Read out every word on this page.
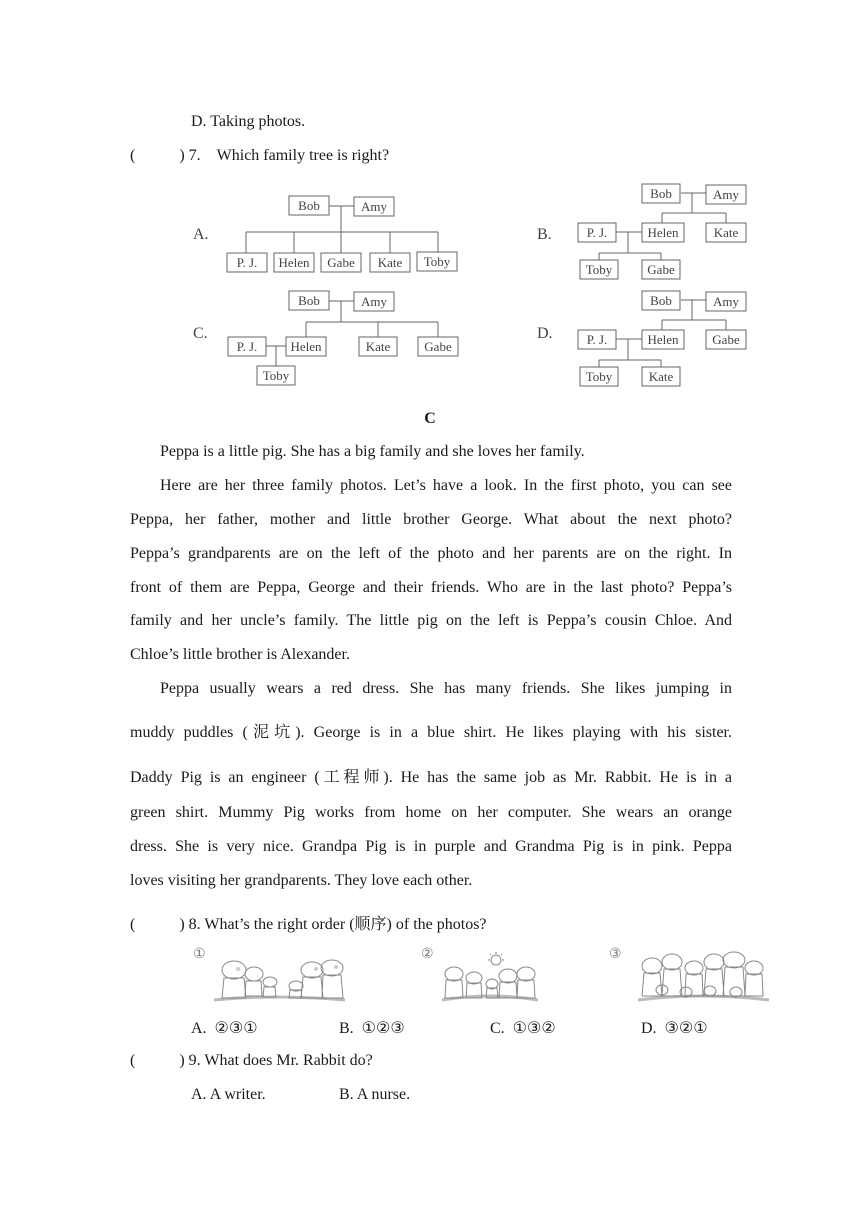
D. Taking photos.
(	) 7. Which family tree is right?
A.
Bob	Amy
P. J. Helen Gabe Kate Toby
B.
Bob	Amy
P. J.	Helen	Kate
Toby	Gabe
C.
Bob	Amy
P. J.	Helen	Kate	Gabe
Toby
D.
Bob	Amy
P. J.	Helen	Gabe
Toby	Kate
C
Peppa is a little pig. She has a big family and she loves her family.
Here are her three family photos. Let’s have a look. In the first photo, you can see
Peppa, her father, mother and little brother George. What about the next photo?
Peppa’s grandparents are on the left of the photo and her parents are on the right. In
front of them are Peppa, George and their friends. Who are in the last photo? Peppa’s
family and her uncle’s family. The little pig on the left is Peppa’s cousin Chloe. And
Chloe’s little brother is Alexander.
Peppa usually wears a red dress. She has many friends. She likes jumping in
muddy puddles (泥坑). George is in a blue shirt. He likes playing with his sister.
Daddy Pig is an engineer (工程师). He has the same job as Mr. Rabbit. He is in a
green shirt. Mummy Pig works from home on her computer. She wears an orange
dress. She is very nice. Grandpa Pig is in purple and Grandma Pig is in pink. Peppa
loves visiting her grandparents. They love each other.
(	) 8. What’s the right order (顺序) of the photos?
①	②	③
A.  ②③①	B.  ①②③	C.  ①③②	D.  ③②①
(	) 9. What does Mr. Rabbit do?
A. A writer.	B. A nurse.
